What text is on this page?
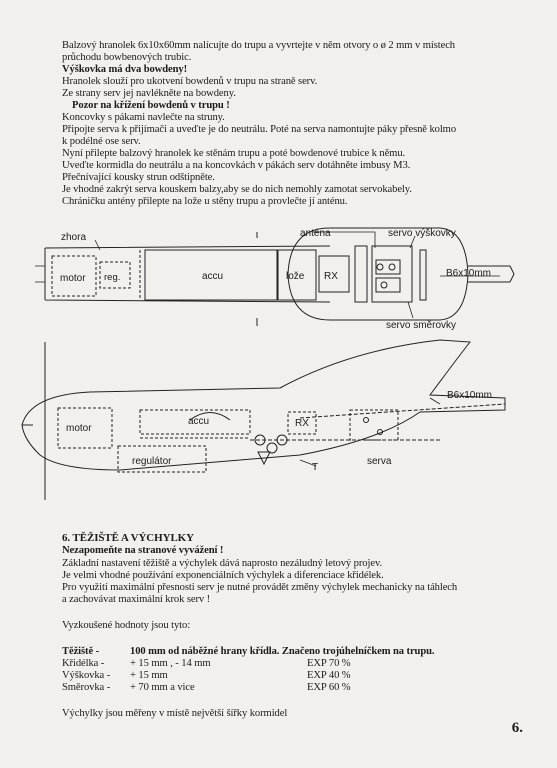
Balzový hranolek 6x10x60mm nalícujte do trupu a vyvrtejte v něm otvory o ø 2 mm v místech
průchodu bowbenových trubic.
Výškovka má dva bowdeny!
Hranolek slouží pro ukotvení bowdenů v trupu na straně serv.
Ze strany serv jej navlékněte na bowdeny.
Pozor na křížení bowdenů v trupu !
Koncovky s pákami navlečte na struny.
Připojte serva k přijímači a uveďte je do neutrálu. Poté na serva namontujte páky přesně kolmo
k podélné ose serv.
Nyní přilepte balzový hranolek ke stěnám trupu a poté bowdenové trubice k němu.
Uveďte kormidla do neutrálu a na koncovkách v pákách serv dotáhněte imbusy M3.
Přečnívající kousky strun odštipněte.
Je vhodné zakrýt serva kouskem balzy,aby se do nich nemohly zamotat servokabely.
Chráničku antény přilepte na lože u stěny trupu a provlečte jí anténu.
zhora	anténa	servo výškovky
motor reg.	accu	lože RX	B6x10mm
servo směrovky
motor
accu	RX
regulátor	serva
T
B6x10mm
6. TĚŽIŠTĚ A VÝCHYLKY
Nezapomeňte na stranové vyvážení !
Základní nastavení těžiště a výchylek dává naprosto nezáludný letový projev.
Je velmi vhodné používání exponenciálních výchylek a diferenciace křidélek.
Pro využití maximální přesnosti serv je nutné provádět změny výchylek mechanicky na táhlech
a zachovávat maximální krok serv !
Vyzkoušené hodnoty jsou tyto:
Těžiště -	100 mm od náběžné hrany křídla. Značeno trojúhelníčkem na trupu.
Křidélka - + 15 mm , - 14 mm	EXP 70 %
Výškovka - + 15 mm	EXP 40 %
Směrovka - + 70 mm a vice	EXP 60 %
Výchylky jsou měřeny v místě největší šířky kormidel
6.
